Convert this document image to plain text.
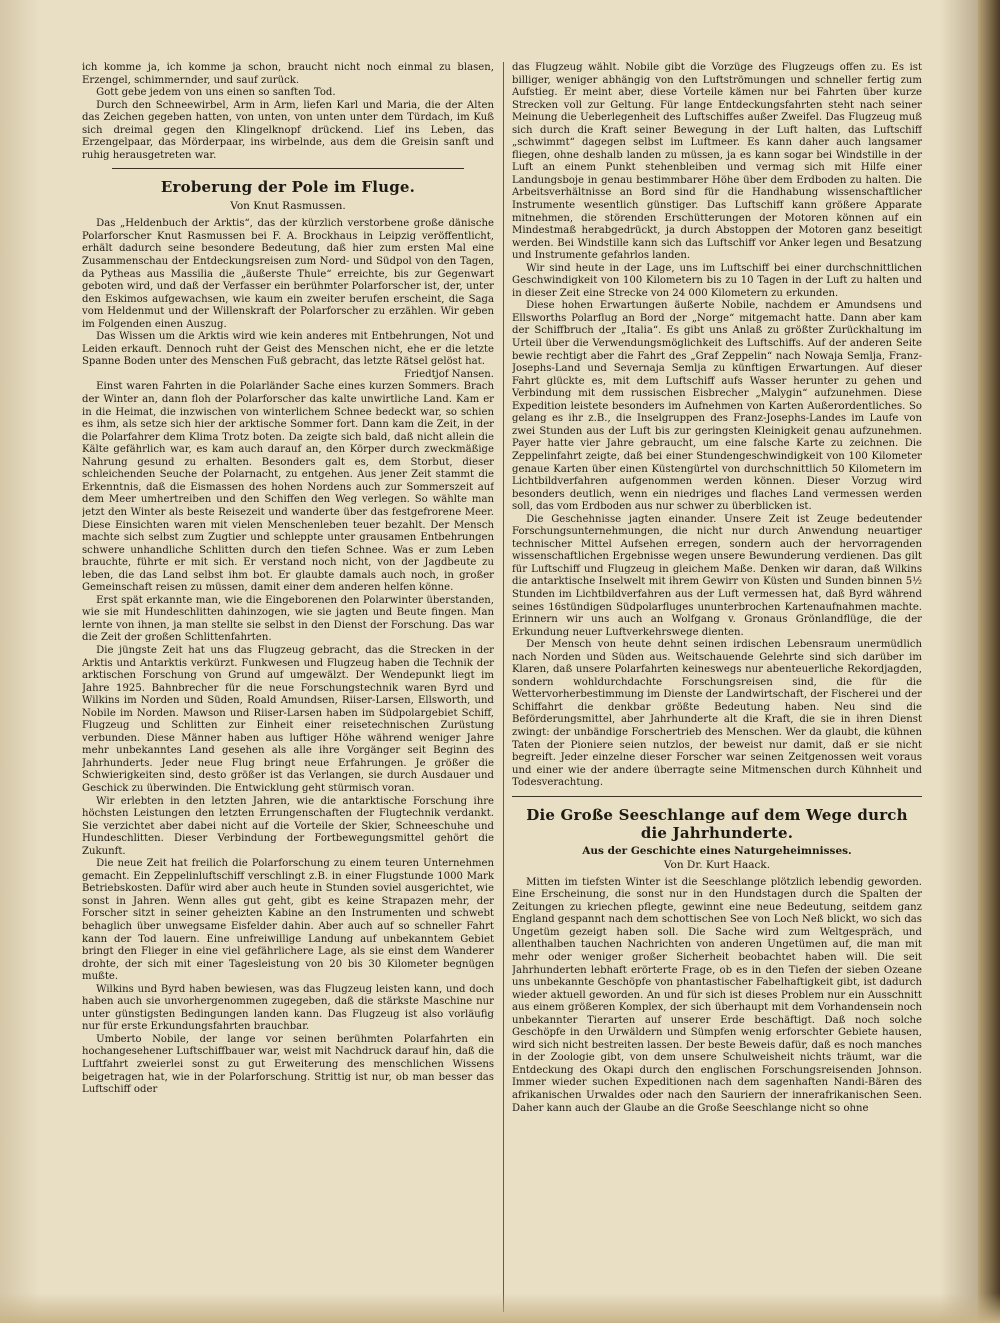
ich komme ja, ich komme ja schon, braucht nicht noch einmal zu blasen, Erzengel, schimmernder, und sauf zurück.

Gott gebe jedem von uns einen so sanften Tod.

Durch den Schneewirbel, Arm in Arm, liefen Karl und Maria, die der Alten das Zeichen gegeben hatten, von unten, von unten unter dem Türdach, im Kuß sich dreimal gegen den Klingelknopf drückend. Lief ins Leben, das Erzengelpaar, das Mörderpaar, ins wirbelnde, aus dem die Greisin sanft und ruhig herausgetreten war.

Eroberung der Pole im Fluge.
Von Knut Rasmussen.

Das „Heldenbuch der Arktis“, das der kürzlich verstorbene große dänische Polarforscher Knut Rasmussen bei F. A. Brockhaus in Leipzig veröffentlicht, erhält dadurch seine besondere Bedeutung, daß hier zum ersten Mal eine Zusammenschau der Entdeckungsreisen zum Nord- und Südpol von den Tagen, da Pytheas aus Massilia die „äußerste Thule“ erreichte, bis zur Gegenwart geboten wird, und daß der Verfasser ein berühmter Polarforscher ist, der, unter den Eskimos aufgewachsen, wie kaum ein zweiter berufen erscheint, die Saga vom Heldenmut und der Willenskraft der Polarforscher zu erzählen. Wir geben im Folgenden einen Auszug.

Das Wissen um die Arktis wird wie kein anderes mit Entbehrungen, Not und Leiden erkauft. Dennoch ruht der Geist des Menschen nicht, ehe er die letzte Spanne Boden unter des Menschen Fuß gebracht, das letzte Rätsel gelöst hat.

Friedtjof Nansen.

Einst waren Fahrten in die Polarländer Sache eines kurzen Sommers. Brach der Winter an, dann floh der Polarforscher das kalte unwirtliche Land. Kam er in die Heimat, die inzwischen von winterlichem Schnee bedeckt war, so schien es ihm, als setze sich hier der arktische Sommer fort. Dann kam die Zeit, in der die Polarfahrer dem Klima Trotz boten. Da zeigte sich bald, daß nicht allein die Kälte gefährlich war, es kam auch darauf an, den Körper durch zweckmäßige Nahrung gesund zu erhalten. Besonders galt es, dem Storbut, dieser schleichenden Seuche der Polarnacht, zu entgehen. Aus jener Zeit stammt die Erkenntnis, daß die Eismassen des hohen Nordens auch zur Sommerszeit auf dem Meer umhertreiben und den Schiffen den Weg verlegen. So wählte man jetzt den Winter als beste Reisezeit und wanderte über das festgefrorene Meer. Diese Einsichten waren mit vielen Menschenleben teuer bezahlt. Der Mensch machte sich selbst zum Zugtier und schleppte unter grausamen Entbehrungen schwere unhandliche Schlitten durch den tiefen Schnee. Was er zum Leben brauchte, führte er mit sich. Er verstand noch nicht, von der Jagdbeute zu leben, die das Land selbst ihm bot. Er glaubte damals auch noch, in großer Gemeinschaft reisen zu müssen, damit einer dem anderen helfen könne.

Erst spät erkannte man, wie die Eingeborenen den Polarwinter überstanden, wie sie mit Hundeschlitten dahinzogen, wie sie jagten und Beute fingen. Man lernte von ihnen, ja man stellte sie selbst in den Dienst der Forschung. Das war die Zeit der großen Schlittenfahrten.

Die jüngste Zeit hat uns das Flugzeug gebracht, das die Strecken in der Arktis und Antarktis verkürzt. Funkwesen und Flugzeug haben die Technik der arktischen Forschung von Grund auf umgewälzt. Der Wendepunkt liegt im Jahre 1925. Bahnbrecher für die neue Forschungstechnik waren Byrd und Wilkins im Norden und Süden, Roald Amundsen, Riiser-Larsen, Ellsworth, und Nobile im Norden. Mawson und Riiser-Larsen haben im Südpolargebiet Schiff, Flugzeug und Schlitten zur Einheit einer reisetechnischen Zurüstung verbunden. Diese Männer haben aus luftiger Höhe während weniger Jahre mehr unbekanntes Land gesehen als alle ihre Vorgänger seit Beginn des Jahrhunderts. Jeder neue Flug bringt neue Erfahrungen. Je größer die Schwierigkeiten sind, desto größer ist das Verlangen, sie durch Ausdauer und Geschick zu überwinden. Die Entwicklung geht stürmisch voran.

Wir erlebten in den letzten Jahren, wie die antarktische Forschung ihre höchsten Leistungen den letzten Errungenschaften der Flugtechnik verdankt. Sie verzichtet aber dabei nicht auf die Vorteile der Skier, Schneeschuhe und Hundeschlitten. Dieser Verbindung der Fortbewegungsmittel gehört die Zukunft.

Die neue Zeit hat freilich die Polarforschung zu einem teuren Unternehmen gemacht. Ein Zeppelinluftschiff verschlingt z.B. in einer Flugstunde 1000 Mark Betriebskosten. Dafür wird aber auch heute in Stunden soviel ausgerichtet, wie sonst in Jahren. Wenn alles gut geht, gibt es keine Strapazen mehr, der Forscher sitzt in seiner geheizten Kabine an den Instrumenten und schwebt behaglich über unwegsame Eisfelder dahin. Aber auch auf so schneller Fahrt kann der Tod lauern. Eine unfreiwillige Landung auf unbekanntem Gebiet bringt den Flieger in eine viel gefährlichere Lage, als sie einst dem Wanderer drohte, der sich mit einer Tagesleistung von 20 bis 30 Kilometer begnügen mußte.

Wilkins und Byrd haben bewiesen, was das Flugzeug leisten kann, und doch haben auch sie unvorhergenommen zugegeben, daß die stärkste Maschine nur unter günstigsten Bedingungen landen kann. Das Flugzeug ist also vorläufig nur für erste Erkundungsfahrten brauchbar.

Umberto Nobile, der lange vor seinen berühmten Polarfahrten ein hochangesehener Luftschiffbauer war, weist mit Nachdruck darauf hin, daß die Luftfahrt zweierlei sonst zu gut Erweiterung des menschlichen Wissens beigetragen hat, wie in der Polarforschung. Strittig ist nur, ob man besser das Luftschiff oder

das Flugzeug wählt. Nobile gibt die Vorzüge des Flugzeugs offen zu. Es ist billiger, weniger abhängig von den Luftströmungen und schneller fertig zum Aufstieg. Er meint aber, diese Vorteile kämen nur bei Fahrten über kurze Strecken voll zur Geltung. Für lange Entdeckungsfahrten steht nach seiner Meinung die Ueberlegenheit des Luftschiffes außer Zweifel. Das Flugzeug muß sich durch die Kraft seiner Bewegung in der Luft halten, das Luftschiff „schwimmt“ dagegen selbst im Luftmeer. Es kann daher auch langsamer fliegen, ohne deshalb landen zu müssen, ja es kann sogar bei Windstille in der Luft an einem Punkt stehenbleiben und vermag sich mit Hilfe einer Landungsboje in genau bestimmbarer Höhe über dem Erdboden zu halten. Die Arbeitsverhältnisse an Bord sind für die Handhabung wissenschaftlicher Instrumente wesentlich günstiger. Das Luftschiff kann größere Apparate mitnehmen, die störenden Erschütterungen der Motoren können auf ein Mindestmaß herabgedrückt, ja durch Abstoppen der Motoren ganz beseitigt werden. Bei Windstille kann sich das Luftschiff vor Anker legen und Besatzung und Instrumente gefahrlos landen.

Wir sind heute in der Lage, uns im Luftschiff bei einer durchschnittlichen Geschwindigkeit von 100 Kilometern bis zu 10 Tagen in der Luft zu halten und in dieser Zeit eine Strecke von 24 000 Kilometern zu erkunden.

Diese hohen Erwartungen äußerte Nobile, nachdem er Amundsens und Ellsworths Polarflug an Bord der „Norge“ mitgemacht hatte. Dann aber kam der Schiffbruch der „Italia“. Es gibt uns Anlaß zu größter Zurückhaltung im Urteil über die Verwendungsmöglichkeit des Luftschiffs. Auf der anderen Seite bewie rechtigt aber die Fahrt des „Graf Zeppelin“ nach Nowaja Semlja, Franz-Josephs-Land und Severnaja Semlja zu künftigen Erwartungen. Auf dieser Fahrt glückte es, mit dem Luftschiff aufs Wasser herunter zu gehen und Verbindung mit dem russischen Eisbrecher „Malygin“ aufzunehmen. Diese Expedition leistete besonders im Aufnehmen von Karten Außerordentliches. So gelang es ihr z.B., die Inselgruppen des Franz-Josephs-Landes im Laufe von zwei Stunden aus der Luft bis zur geringsten Kleinigkeit genau aufzunehmen. Payer hatte vier Jahre gebraucht, um eine falsche Karte zu zeichnen. Die Zeppelinfahrt zeigte, daß bei einer Stundengeschwindigkeit von 100 Kilometer genaue Karten über einen Küstengürtel von durchschnittlich 50 Kilometern im Lichtbildverfahren aufgenommen werden können. Dieser Vorzug wird besonders deutlich, wenn ein niedriges und flaches Land vermessen werden soll, das vom Erdboden aus nur schwer zu überblicken ist.

Die Geschehnisse jagten einander. Unsere Zeit ist Zeuge bedeutender Forschungsunternehmungen, die nicht nur durch Anwendung neuartiger technischer Mittel Aufsehen erregen, sondern auch der hervorragenden wissenschaftlichen Ergebnisse wegen unsere Bewunderung verdienen. Das gilt für Luftschiff und Flugzeug in gleichem Maße. Denken wir daran, daß Wilkins die antarktische Inselwelt mit ihrem Gewirr von Küsten und Sunden binnen 5½ Stunden im Lichtbildverfahren aus der Luft vermessen hat, daß Byrd während seines 16stündigen Südpolarfluges ununterbrochen Kartenaufnahmen machte. Erinnern wir uns auch an Wolfgang v. Gronaus Grönlandflüge, die der Erkundung neuer Luftverkehrswege dienten.

Der Mensch von heute dehnt seinen irdischen Lebensraum unermüdlich nach Norden und Süden aus. Weitschauende Gelehrte sind sich darüber im Klaren, daß unsere Polarfahrten keineswegs nur abenteuerliche Rekordjagden, sondern wohldurchdachte Forschungsreisen sind, die für die Wettervorherbestimmung im Dienste der Landwirtschaft, der Fischerei und der Schiffahrt die denkbar größte Bedeutung haben. Neu sind die Beförderungsmittel, aber Jahrhunderte alt die Kraft, die sie in ihren Dienst zwingt: der unbändige Forschertrieb des Menschen. Wer da glaubt, die kühnen Taten der Pioniere seien nutzlos, der beweist nur damit, daß er sie nicht begreift. Jeder einzelne dieser Forscher war seinen Zeitgenossen weit voraus und einer wie der andere überragte seine Mitmenschen durch Kühnheit und Todesverachtung.

Die Große Seeschlange auf dem Wege durch die Jahrhunderte.
Aus der Geschichte eines Naturgeheimnisses.
Von Dr. Kurt Haack.

Mitten im tiefsten Winter ist die Seeschlange plötzlich lebendig geworden. Eine Erscheinung, die sonst nur in den Hundstagen durch die Spalten der Zeitungen zu kriechen pflegte, gewinnt eine neue Bedeutung, seitdem ganz England gespannt nach dem schottischen See von Loch Neß blickt, wo sich das Ungetüm gezeigt haben soll. Die Sache wird zum Weltgespräch, und allenthalben tauchen Nachrichten von anderen Ungetümen auf, die man mit mehr oder weniger großer Sicherheit beobachtet haben will. Die seit Jahrhunderten lebhaft erörterte Frage, ob es in den Tiefen der sieben Ozeane uns unbekannte Geschöpfe von phantastischer Fabelhaftigkeit gibt, ist dadurch wieder aktuell geworden. An und für sich ist dieses Problem nur ein Ausschnitt aus einem größeren Komplex, der sich überhaupt mit dem Vorhandensein noch unbekannter Tierarten auf unserer Erde beschäftigt. Daß noch solche Geschöpfe in den Urwäldern und Sümpfen wenig erforschter Gebiete hausen, wird sich nicht bestreiten lassen. Der beste Beweis dafür, daß es noch manches in der Zoologie gibt, von dem unsere Schulweisheit nichts träumt, war die Entdeckung des Okapi durch den englischen Forschungsreisenden Johnson. Immer wieder suchen Expeditionen nach dem sagenhaften Nandi-Bären des afrikanischen Urwaldes oder nach den Sauriern der innerafrikanischen Seen. Daher kann auch der Glaube an die Große Seeschlange nicht so ohne
